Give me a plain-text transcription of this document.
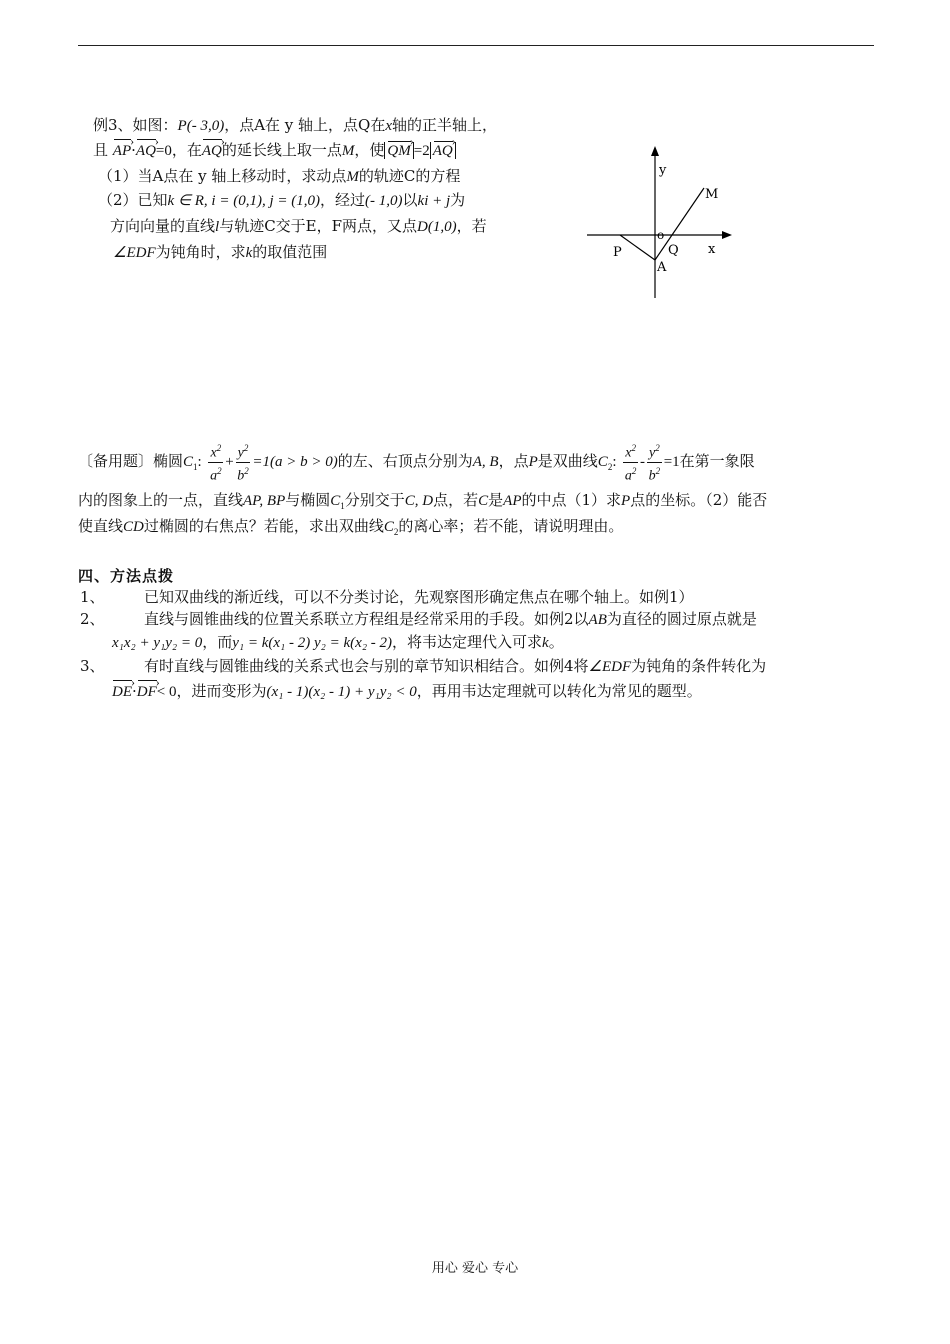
例3、如图：P(- 3,0)，点A在 y 轴上，点Q在x轴的正半轴上，
且 AP ›·AQ ›=0，在AQ ›的延长线上取一点M，使 QM › =2 AQ ›
（1）当A点在 y 轴上移动时，求动点M的轨迹C的方程
（2）已知k ∈ R, i = (0,1), j = (1,0)，经过(- 1,0)以ki + j为
方向向量的直线l与轨迹C交于E，F两点，又点D(1,0)，若
∠EDF为钝角时，求k的取值范围
y
x
M
o
P	Q
A
〔备用题〕椭圆$C_1$: $\frac{x^2}{a^2} + \frac{y^2}{b^2} =1(a > b > 0)$的左、右顶点分别为A, B，点P是双曲线$C_2$: $\frac{x^2}{a^2} - \frac{y^2}{b^2} =1$在第一象限
内的图象上的一点，直线AP, BP与椭圆$C_1$分别交于C, D点，若C是AP的中点（1）求P点的坐标。（2）能否
使直线CD过椭圆的右焦点？若能，求出双曲线$C_2$的离心率；若不能，请说明理由。
四、方法点拨
1、	已知双曲线的渐近线，可以不分类讨论，先观察图形确定焦点在哪个轴上。如例1）
2、	直线与圆锥曲线的位置关系联立方程组是经常采用的手段。如例2以AB为直径的圆过原点就是
x₁x₂ + y₁y₂ = 0，而y₁ = k(x₁ - 2) y₂ = k(x₂ - 2)，将韦达定理代入可求k。
3、	有时直线与圆锥曲线的关系式也会与别的章节知识相结合。如例4将∠EDF为钝角的条件转化为
DE ›·DF ›< 0，进而变形为(x₁ - 1)(x₂ - 1) + y₁y₂ < 0，再用韦达定理就可以转化为常见的题型。
用心 爱心 专心
